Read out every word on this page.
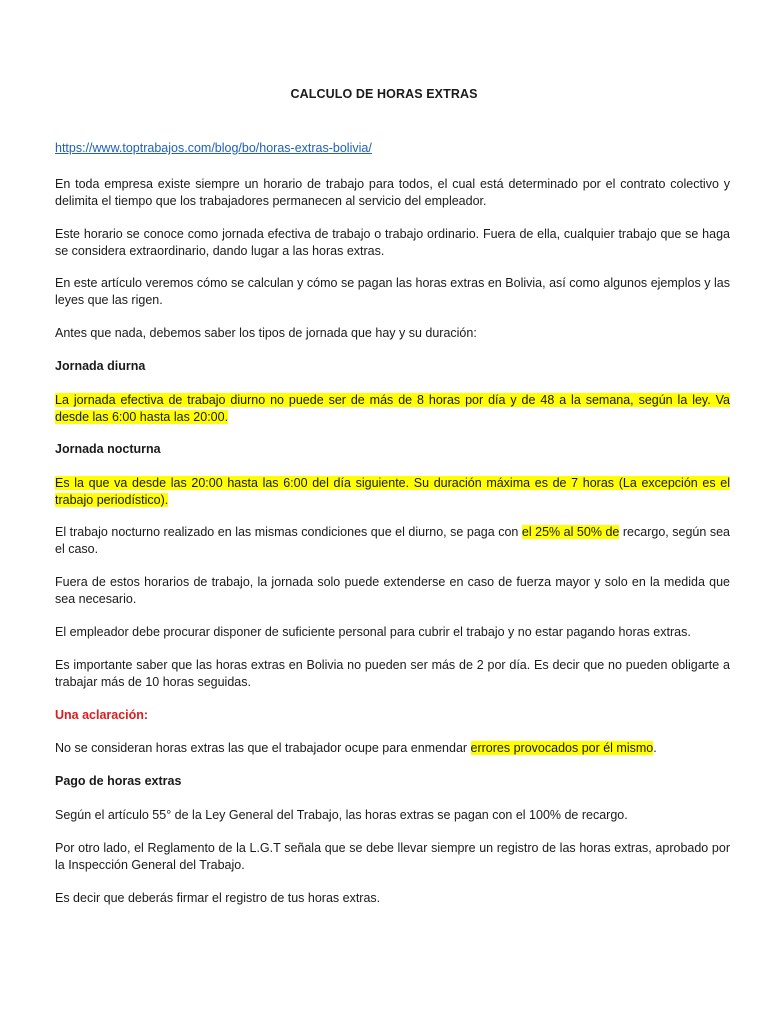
CALCULO DE HORAS EXTRAS
https://www.toptrabajos.com/blog/bo/horas-extras-bolivia/

En toda empresa existe siempre un horario de trabajo para todos, el cual está determinado por el contrato colectivo y delimita el tiempo que los trabajadores permanecen al servicio del empleador.

Este horario se conoce como jornada efectiva de trabajo o trabajo ordinario. Fuera de ella, cualquier trabajo que se haga se considera extraordinario, dando lugar a las horas extras.

En este artículo veremos cómo se calculan y cómo se pagan las horas extras en Bolivia, así como algunos ejemplos y las leyes que las rigen.

Antes que nada, debemos saber los tipos de jornada que hay y su duración:

Jornada diurna

La jornada efectiva de trabajo diurno no puede ser de más de 8 horas por día y de 48 a la semana, según la ley. Va desde las 6:00 hasta las 20:00.

Jornada nocturna

Es la que va desde las 20:00 hasta las 6:00 del día siguiente. Su duración máxima es de 7 horas (La excepción es el trabajo periodístico).

El trabajo nocturno realizado en las mismas condiciones que el diurno, se paga con el 25% al 50% de recargo, según sea el caso.

Fuera de estos horarios de trabajo, la jornada solo puede extenderse en caso de fuerza mayor y solo en la medida que sea necesario.

El empleador debe procurar disponer de suficiente personal para cubrir el trabajo y no estar pagando horas extras.

Es importante saber que las horas extras en Bolivia no pueden ser más de 2 por día. Es decir que no pueden obligarte a trabajar más de 10 horas seguidas.

Una aclaración:

No se consideran horas extras las que el trabajador ocupe para enmendar errores provocados por él mismo.

Pago de horas extras

Según el artículo 55° de la Ley General del Trabajo, las horas extras se pagan con el 100% de recargo.

Por otro lado, el Reglamento de la L.G.T señala que se debe llevar siempre un registro de las horas extras, aprobado por la Inspección General del Trabajo.

Es decir que deberás firmar el registro de tus horas extras.
